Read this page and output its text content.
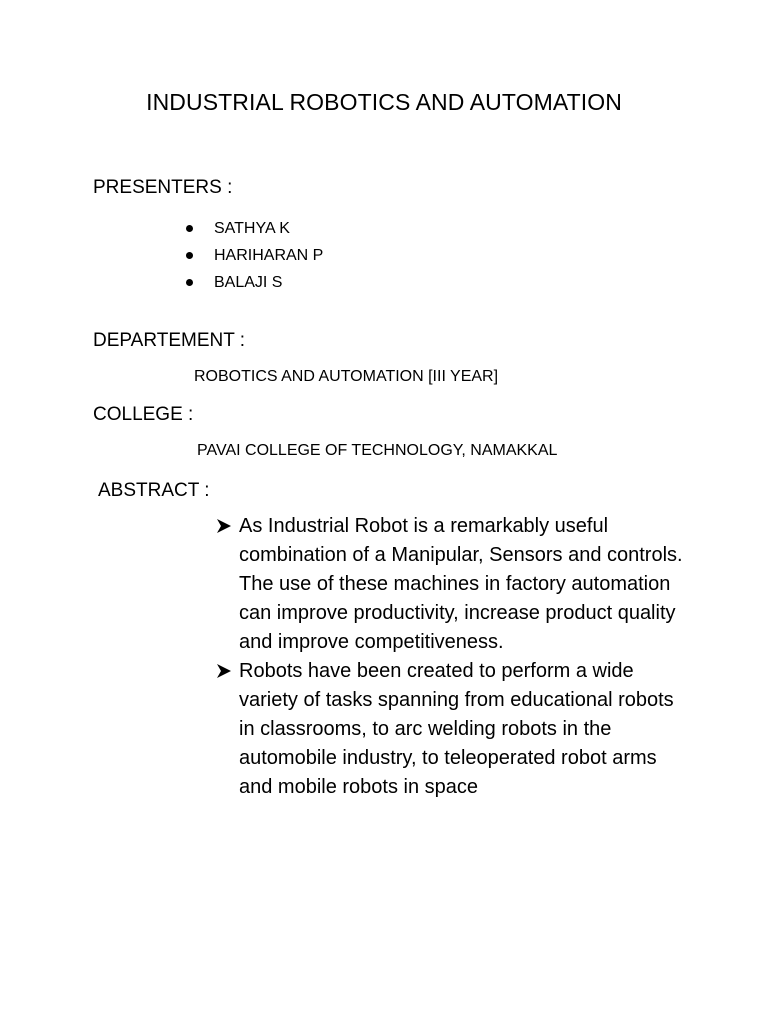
INDUSTRIAL ROBOTICS AND AUTOMATION
PRESENTERS :
SATHYA K
HARIHARAN P
BALAJI S
DEPARTEMENT :
ROBOTICS AND AUTOMATION [III YEAR]
COLLEGE :
PAVAI COLLEGE OF TECHNOLOGY, NAMAKKAL
ABSTRACT :
As Industrial Robot is a remarkably useful combination of a Manipular, Sensors and controls. The use of these machines in factory automation can improve productivity, increase product quality and improve competitiveness.
Robots have been created to perform a wide variety of tasks spanning from educational robots in classrooms, to arc welding robots in the automobile industry, to teleoperated robot arms and mobile robots in space
